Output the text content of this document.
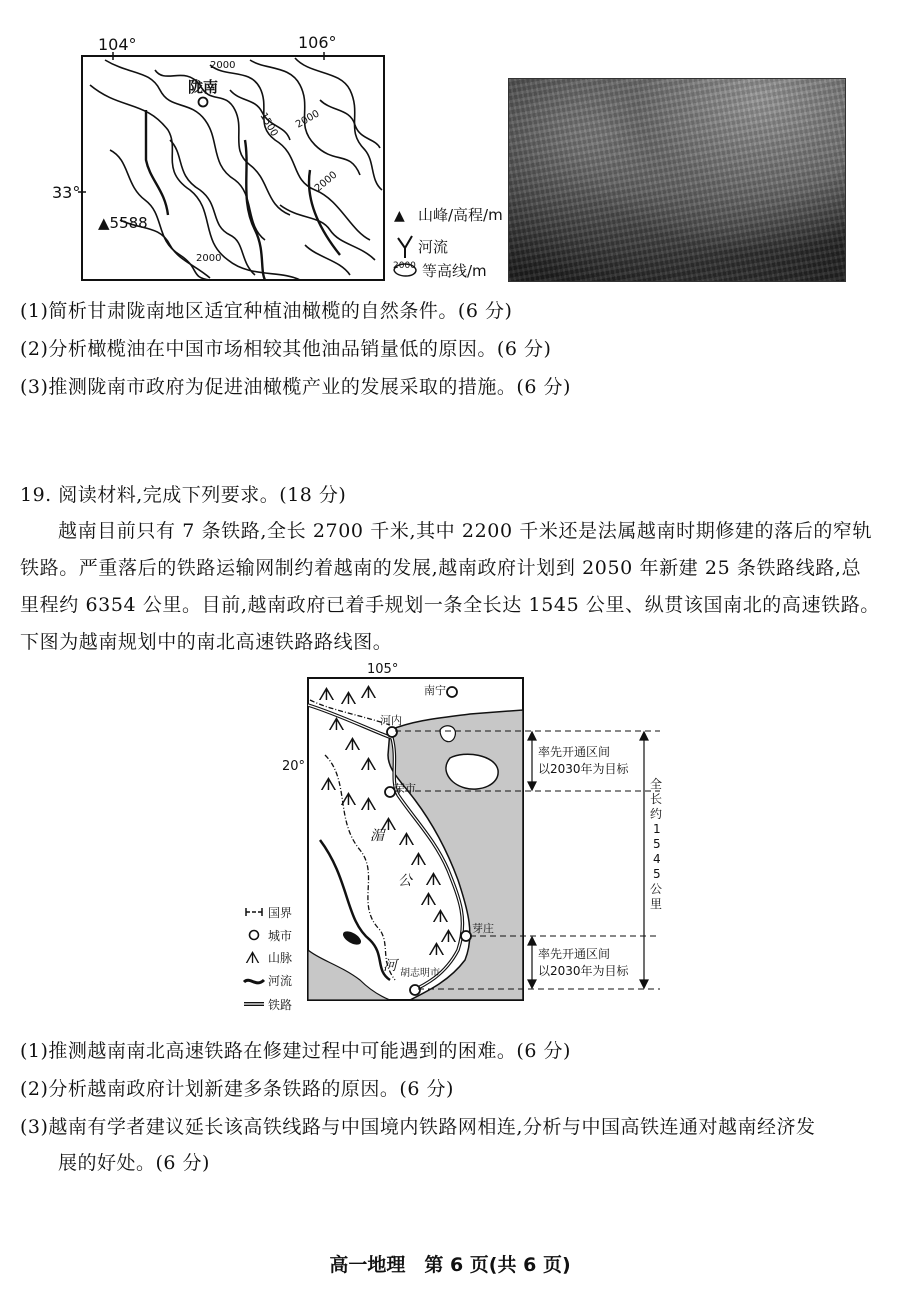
104°	106°
33°
陇南
2000
1500 2000
2000
2000
▲5588	▲ 山峰/高程/m
河流
2000 等高线/m
(1)简析甘肃陇南地区适宜种植油橄榄的自然条件。(6 分)
(2)分析橄榄油在中国市场相较其他油品销量低的原因。(6 分)
(3)推测陇南市政府为促进油橄榄产业的发展采取的措施。(6 分)
19. 阅读材料,完成下列要求。(18 分)
越南目前只有 7 条铁路,全长 2700 千米,其中 2200 千米还是法属越南时期修建的落后的窄轨
铁路。严重落后的铁路运输网制约着越南的发展,越南政府计划到 2050 年新建 25 条铁路线路,总
里程约 6354 公里。目前,越南政府已着手规划一条全长达 1545 公里、纵贯该国南北的高速铁路。
下图为越南规划中的南北高速铁路路线图。
105°
20°
ᗑ ᗑ ᗑ
ᗑ
ᗑ
ᗑ
ᗑ
ᗑ ᗑ
ᗑ
ᗑ
ᗑ
ᗑ
ᗑ
ᗑ
ᗑ
ᗑ
湄
公
河
南宁
河内
荣市
芽庄
胡志明市
率先开通区间
以2030年为目标
率先开通区间
以2030年为目标
全
长
约
1
5
4
5
公
里
国界
城市
ᗑ 山脉
河流
铁路
(1)推测越南南北高速铁路在修建过程中可能遇到的困难。(6 分)
(2)分析越南政府计划新建多条铁路的原因。(6 分)
(3)越南有学者建议延长该高铁线路与中国境内铁路网相连,分析与中国高铁连通对越南经济发
展的好处。(6 分)
高一地理　第 6 页(共 6 页)
